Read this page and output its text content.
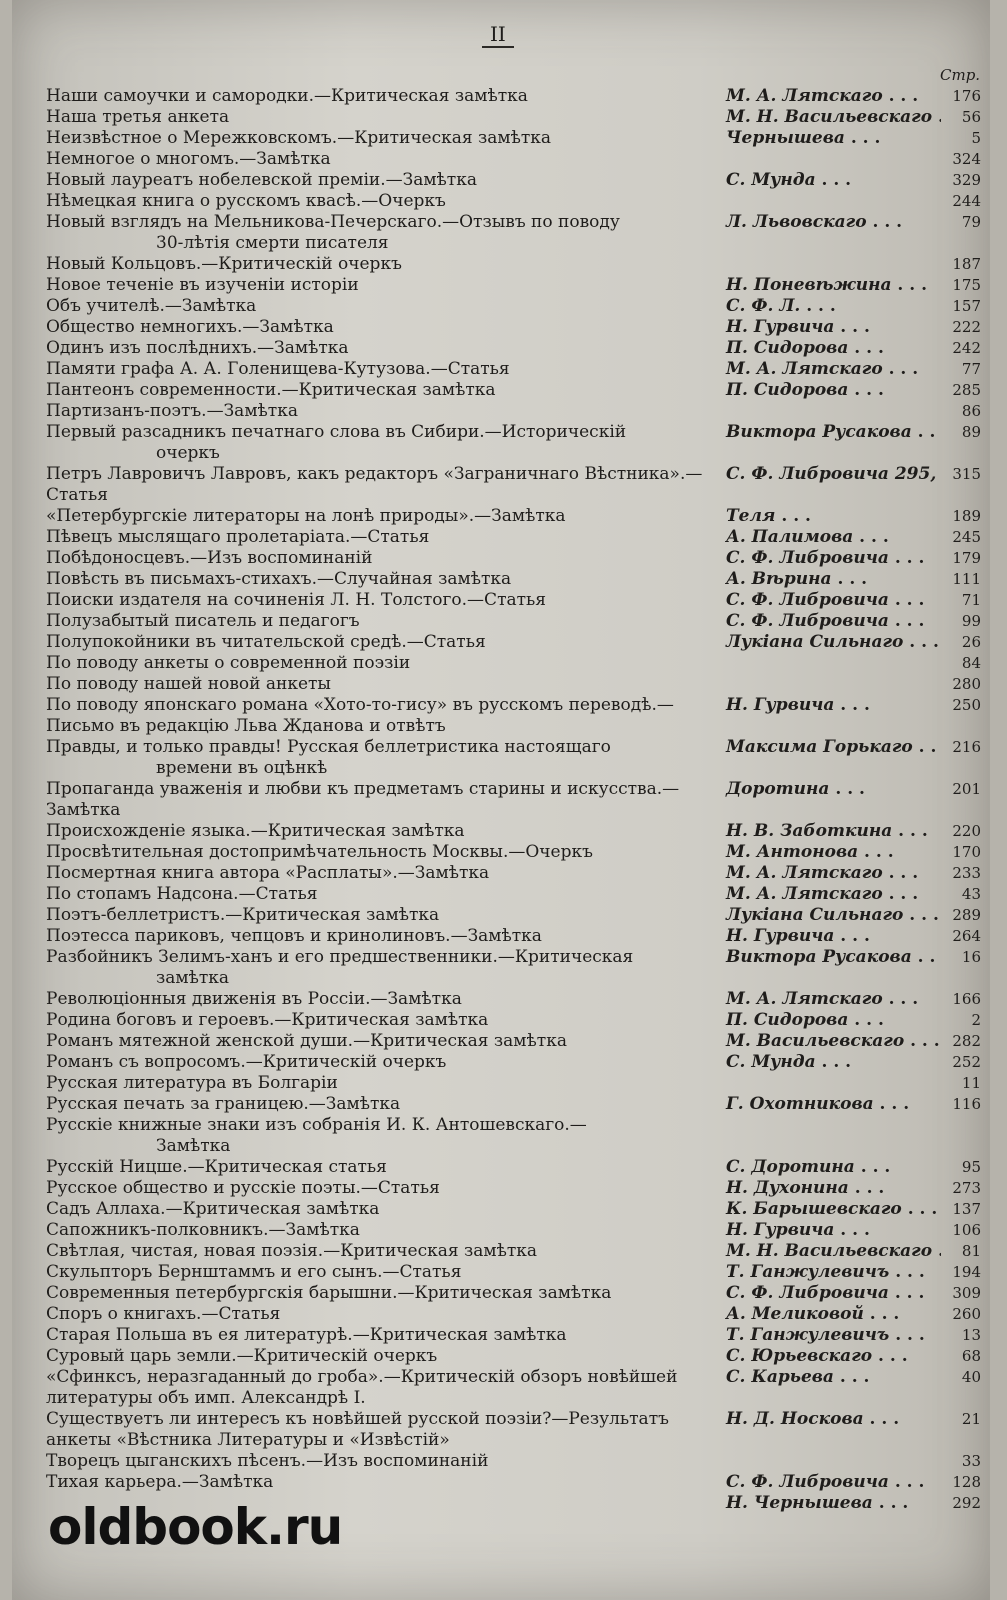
II
Стр.
Наши самоучки и самородки.—Критическая замѣтка	М. А. Лятскаго . . .	176
Наша третья анкета	М. Н. Васильевскаго . . .	56
Неизвѣстное о Мережковскомъ.—Критическая замѣтка	Чернышева . . .	5
Немногое о многомъ.—Замѣтка	324
Новый лауреатъ нобелевской преміи.—Замѣтка	С. Мунда . . .	329
Нѣмецкая книга о русскомъ квасѣ.—Очеркъ	244
Новый взглядъ на Мельникова-Печерскаго.—Отзывъ по поводу
30-лѣтія смерти писателя
Л. Львовскаго . . .	79
Новый Кольцовъ.—Критическій очеркъ	187
Новое теченіе въ изученіи исторіи	Н. Поневѣжина . . .	175
Объ учителѣ.—Замѣтка	С. Ф. Л. . . .	157
Общество немногихъ.—Замѣтка	Н. Гурвича . . .	222
Одинъ изъ послѣднихъ.—Замѣтка	П. Сидорова . . .	242
Памяти графа А. А. Голенищева-Кутузова.—Статья	М. А. Лятскаго . . .	77
Пантеонъ современности.—Критическая замѣтка	П. Сидорова . . .	285
Партизанъ-поэтъ.—Замѣтка	86
Первый разсадникъ печатнаго слова въ Сибири.—Историческій
очеркъ
Виктора Русакова . . .	89
Петръ Лавровичъ Лавровъ, какъ редакторъ «Заграничнаго Вѣстника».—Статья
С. Ф. Либровича 295, . . .	315
«Петербургскіе литераторы на лонѣ природы».—Замѣтка	Теля . . .	189
Пѣвецъ мыслящаго пролетаріата.—Статья	А. Палимова . . .	245
Побѣдоносцевъ.—Изъ воспоминаній	С. Ф. Либровича . . .	179
Повѣсть въ письмахъ-стихахъ.—Случайная замѣтка	А. Вѣрина . . .	111
Поиски издателя на сочиненія Л. Н. Толстого.—Статья	С. Ф. Либровича . . .	71
Полузабытый писатель и педагогъ	С. Ф. Либровича . . .	99
Полупокойники въ читательской средѣ.—Статья	Лукіана Сильнаго . . .	26
По поводу анкеты о современной поэзіи	84
По поводу нашей новой анкеты	280
По поводу японскаго романа «Хото-то-гису» въ русскомъ переводѣ.—Письмо въ редакцію Льва Жданова и отвѣтъ
Н. Гурвича . . .	250
Правды, и только правды! Русская беллетристика настоящаго
времени въ оцѣнкѣ
Максима Горькаго . . .	216
Пропаганда уваженія и любви къ предметамъ старины и искусства.—Замѣтка
Доротина . . .	201
Происхожденіе языка.—Критическая замѣтка	Н. В. Заботкина . . .	220
Просвѣтительная достопримѣчательность Москвы.—Очеркъ	М. Антонова . . .	170
Посмертная книга автора «Расплаты».—Замѣтка	М. А. Лятскаго . . .	233
По стопамъ Надсона.—Статья	М. А. Лятскаго . . .	43
Поэтъ-беллетристъ.—Критическая замѣтка	Лукіана Сильнаго . . .	289
Поэтесса париковъ, чепцовъ и кринолиновъ.—Замѣтка	Н. Гурвича . . .	264
Разбойникъ Зелимъ-ханъ и его предшественники.—Критическая
замѣтка
Виктора Русакова . . .	16
Революціонныя движенія въ Россіи.—Замѣтка	М. А. Лятскаго . . .	166
Родина боговъ и героевъ.—Критическая замѣтка	П. Сидорова . . .	2
Романъ мятежной женской души.—Критическая замѣтка	М. Васильевскаго . . .	282
Романъ съ вопросомъ.—Критическій очеркъ	С. Мунда . . .	252
Русская литература въ Болгаріи	11
Русская печать за границею.—Замѣтка	Г. Охотникова . . .	116
Русскіе книжные знаки изъ собранія И. К. Антошевскаго.—
Замѣтка
Русскій Ницше.—Критическая статья	С. Доротина . . .	95
Русское общество и русскіе поэты.—Статья	Н. Духонина . . .	273
Садъ Аллаха.—Критическая замѣтка	К. Барышевскаго . . .	137
Сапожникъ-полковникъ.—Замѣтка	Н. Гурвича . . .	106
Свѣтлая, чистая, новая поэзія.—Критическая замѣтка	М. Н. Васильевскаго . . .	81
Скульпторъ Бернштаммъ и его сынъ.—Статья	Т. Ганжулевичъ . . .	194
Современныя петербургскія барышни.—Критическая замѣтка	С. Ф. Либровича . . .	309
Споръ о книгахъ.—Статья	А. Меликовой . . .	260
Старая Польша въ ея литературѣ.—Критическая замѣтка	Т. Ганжулевичъ . . .	13
Суровый царь земли.—Критическій очеркъ	С. Юрьевскаго . . .	68
«Сфинксъ, неразгаданный до гроба».—Критическій обзоръ новѣйшей литературы объ имп. Александрѣ I.
С. Карьева . . .	40
Существуетъ ли интересъ къ новѣйшей русской поэзіи?—Результатъ анкеты «Вѣстника Литературы и «Извѣстій»
Н. Д. Носкова . . .	21
Творецъ цыганскихъ пѣсенъ.—Изъ воспоминаній	33
Тихая карьера.—Замѣтка	С. Ф. Либровича . . .	128
Н. Чернышева . . .	292
oldbook.ru
